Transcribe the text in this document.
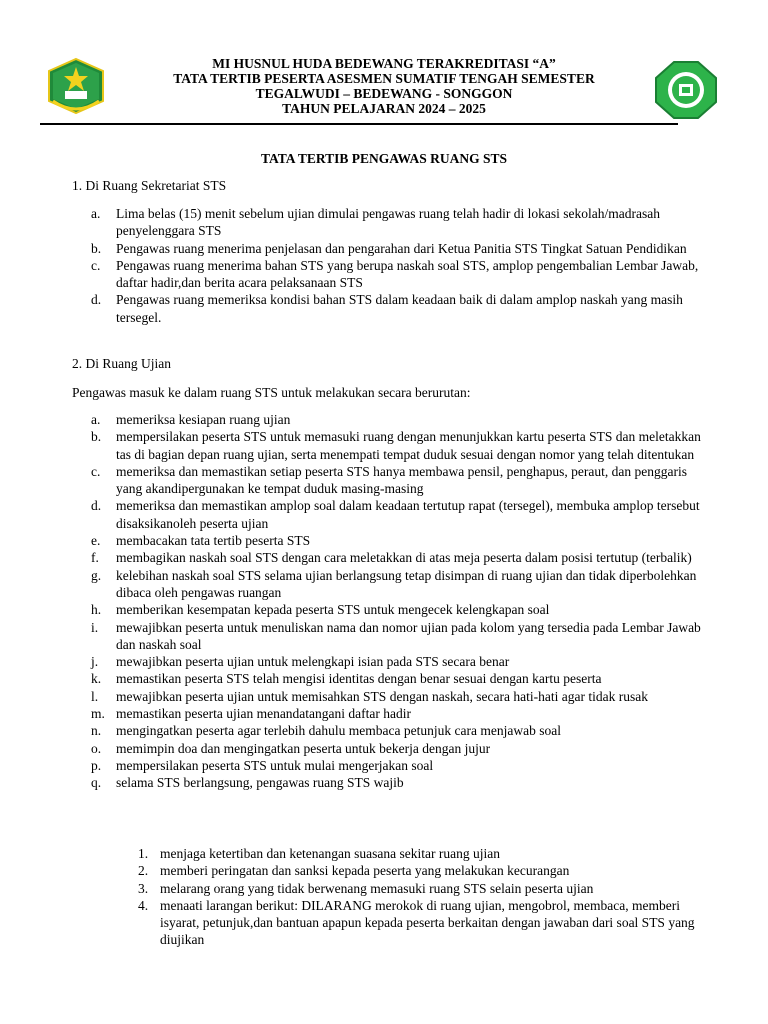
MI HUSNUL HUDA BEDEWANG TERAKREDITASI “A”
TATA TERTIB PESERTA ASESMEN SUMATIF TENGAH SEMESTER
TEGALWUDI – BEDEWANG - SONGGON
TAHUN PELAJARAN 2024 – 2025
TATA TERTIB PENGAWAS RUANG STS
1. Di Ruang Sekretariat STS
a.	Lima belas (15) menit sebelum ujian dimulai pengawas ruang telah hadir di lokasi sekolah/madrasah penyelenggara STS
b.	Pengawas ruang menerima penjelasan dan pengarahan dari Ketua Panitia STS Tingkat Satuan Pendidikan
c.	Pengawas ruang menerima bahan STS yang berupa naskah soal STS, amplop pengembalian Lembar Jawab, daftar hadir,dan berita acara pelaksanaan STS
d.	Pengawas ruang memeriksa kondisi bahan STS dalam keadaan baik di dalam amplop naskah yang masih tersegel.
2. Di Ruang Ujian
Pengawas masuk ke dalam ruang STS untuk melakukan secara berurutan:
a.	memeriksa kesiapan ruang ujian
b.	mempersilakan peserta STS untuk memasuki ruang dengan menunjukkan kartu peserta STS dan meletakkan tas di bagian depan ruang ujian, serta menempati tempat duduk sesuai dengan nomor yang telah ditentukan
c.	memeriksa dan memastikan setiap peserta STS hanya membawa pensil, penghapus, peraut, dan penggaris yang akandipergunakan ke tempat duduk masing-masing
d.	memeriksa dan memastikan amplop soal dalam keadaan tertutup rapat (tersegel), membuka amplop tersebut disaksikanoleh peserta ujian
e.	membacakan tata tertib peserta STS
f.	membagikan naskah soal STS dengan cara meletakkan di atas meja peserta dalam posisi tertutup (terbalik)
g.	kelebihan naskah soal STS selama ujian berlangsung tetap disimpan di ruang ujian dan tidak diperbolehkan dibaca oleh pengawas ruangan
h.	memberikan kesempatan kepada peserta STS untuk mengecek kelengkapan soal
i.	mewajibkan peserta untuk menuliskan nama dan nomor ujian pada kolom yang tersedia pada Lembar Jawab dan naskah soal
j.	mewajibkan peserta ujian untuk melengkapi isian pada STS secara benar
k.	memastikan peserta STS telah mengisi identitas dengan benar sesuai dengan kartu peserta
l.	mewajibkan peserta ujian untuk memisahkan STS dengan naskah, secara hati-hati agar tidak rusak
m. memastikan peserta ujian menandatangani daftar hadir
n.	mengingatkan peserta agar terlebih dahulu membaca petunjuk cara menjawab soal
o.	memimpin doa dan mengingatkan peserta untuk bekerja dengan jujur
p.	mempersilakan peserta STS untuk mulai mengerjakan soal
q.	selama STS berlangsung, pengawas ruang STS wajib
1. menjaga ketertiban dan ketenangan suasana sekitar ruang ujian
2. memberi peringatan dan sanksi kepada peserta yang melakukan kecurangan
3. melarang orang yang tidak berwenang memasuki ruang STS selain peserta ujian
4. menaati larangan berikut: DILARANG merokok di ruang ujian, mengobrol, membaca, memberi isyarat, petunjuk,dan bantuan apapun kepada peserta berkaitan dengan jawaban dari soal STS yang diujikan
